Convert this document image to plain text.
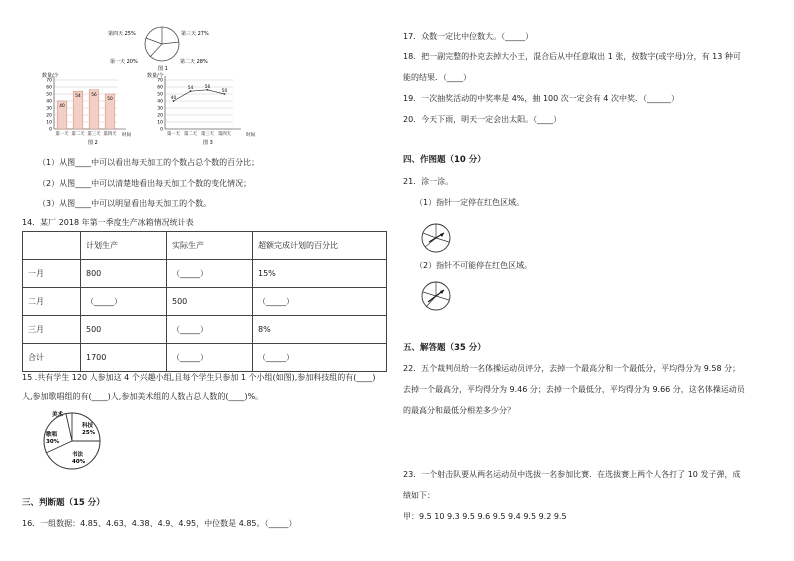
第四天 25%	第三天 27%
第二天 28%
第一天 20%
图 1
数量/个
70
60
50
40
30
20
10
0
第一天 第二天 第三天 第四天
40
54 56
50
时间
图 2
数量/个
70
60
50
40
30
20
10
0
第一天 第二天 第三天 第四天
40
54	56
50
时间
图 3
（1）从图____中可以看出每天加工的个数占总个数的百分比；
（2）从图____中可以清楚地看出每天加工个数的变化情况；
（3）从图____中可以明显看出每天加工的个数。
14．某厂 2018 年第一季度生产冰箱情况统计表
	计划生产	实际生产	超额完成计划的百分比
一月	800	（_____）	15%
二月	（_____）	500	（_____）
三月	500	（_____）	8%
合计	1700	（_____）	（_____）
15 .共有学生 120 人参加这 4 个兴趣小组,且每个学生只参加 1 个小组(如图),参加科技组的有(____)
人,参加歌唱组的有(____)人,参加美术组的人数占总人数的(____)%。
美术
科技
25%
歌唱
30%
书法
40%
三、判断题（15 分）
16．一组数据：4.85、4.63、4.38、4.9、4.95，中位数是 4.85。（_____）
17．众数一定比中位数大。（_____）
18．把一副完整的扑克去掉大小王，混合后从中任意取出 1 张，按数字(或字母)分，有 13 种可
能的结果．（____）
19．一次抽奖活动的中奖率是 4%，抽 100 次一定会有 4 次中奖．（______）
20．今天下雨，明天一定会出太阳。（____）
四、作图题（10 分）
21．涂一涂。
（1）指针一定停在红色区域。
（2）指针不可能停在红色区域。
五、解答题（35 分）
22．五个裁判员给一名体操运动员评分，去掉一个最高分和一个最低分，平均得分为 9.58 分；
去掉一个最高分，平均得分为 9.46 分；去掉一个最低分，平均得分为 9.66 分，这名体操运动员
的最高分和最低分相差多少分？
23．一个射击队要从两名运动员中选拔一名参加比赛．在选拔赛上两个人各打了 10 发子弹，成
绩如下：
甲：9.5 10 9.3 9.5 9.6 9.5 9.4 9.5 9.2 9.5
